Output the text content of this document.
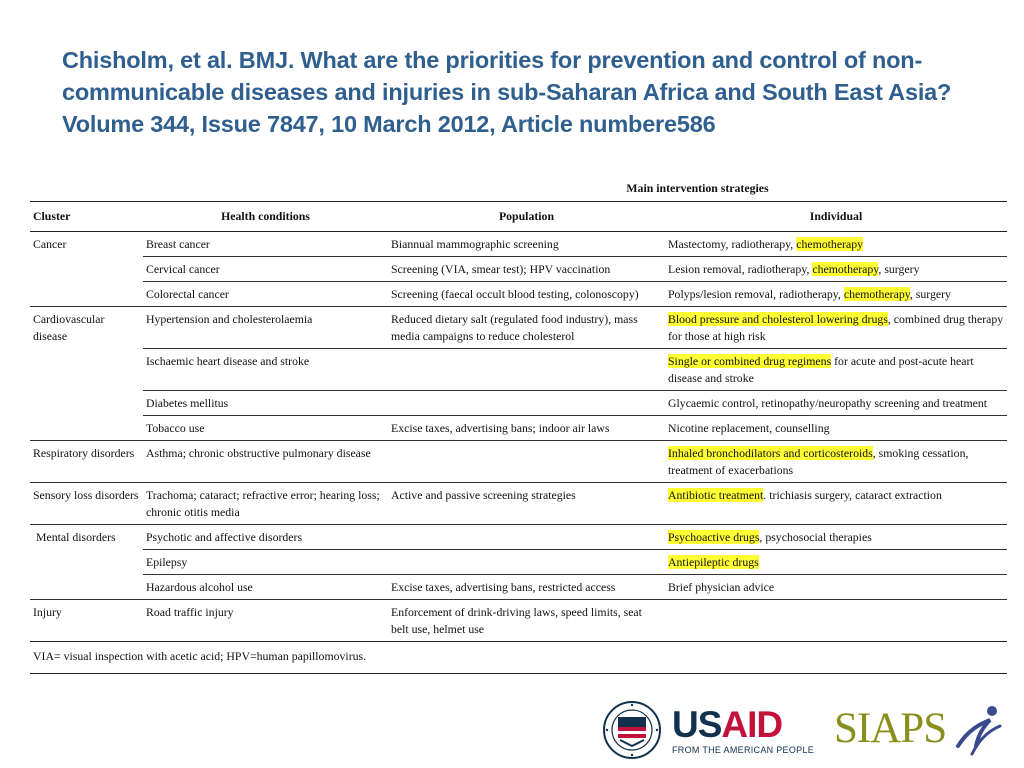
Chisholm, et al. BMJ. What are the priorities for prevention and control of non-communicable diseases and injuries in sub-Saharan Africa and South East Asia? Volume 344, Issue 7847, 10 March 2012, Article numbere586
		Main intervention strategies	
Cluster	Health conditions	Population	Individual
Cancer	Breast cancer	Biannual mammographic screening	Mastectomy, radiotherapy, chemotherapy
	Cervical cancer	Screening (VIA, smear test); HPV vaccination	Lesion removal, radiotherapy, chemotherapy, surgery
	Colorectal cancer	Screening (faecal occult blood testing, colonoscopy)	Polyps/lesion removal, radiotherapy, chemotherapy, surgery
Cardiovascular disease	Hypertension and cholesterolaemia	Reduced dietary salt (regulated food industry), mass media campaigns to reduce cholesterol	Blood pressure and cholesterol lowering drugs, combined drug therapy for those at high risk
	Ischaemic heart disease and stroke		Single or combined drug regimens for acute and post-acute heart disease and stroke
	Diabetes mellitus		Glycaemic control, retinopathy/neuropathy screening and treatment
	Tobacco use	Excise taxes, advertising bans; indoor air laws	Nicotine replacement, counselling
Respiratory disorders	Asthma; chronic obstructive pulmonary disease		Inhaled bronchodilators and corticosteroids, smoking cessation, treatment of exacerbations
Sensory loss disorders	Trachoma; cataract; refractive error; hearing loss; chronic otitis media	Active and passive screening strategies	Antibiotic treatment. trichiasis surgery, cataract extraction
Mental disorders	Psychotic and affective disorders		Psychoactive drugs, psychosocial therapies
	Epilepsy		Antiepileptic drugs
	Hazardous alcohol use	Excise taxes, advertising bans, restricted access	Brief physician advice
Injury	Road traffic injury	Enforcement of drink-driving laws, speed limits, seat belt use, helmet use	
VIA= visual inspection with acetic acid; HPV=human papillomovirus.			
USAID
FROM THE AMERICAN PEOPLE SIAPS
